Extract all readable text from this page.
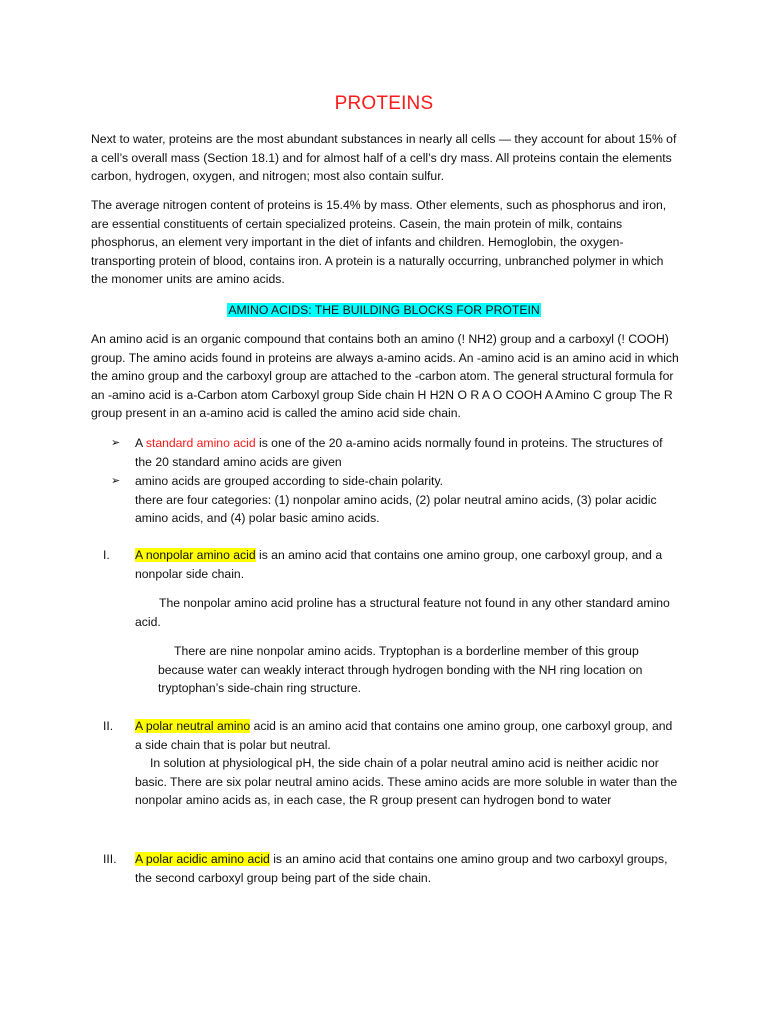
PROTEINS
Next to water, proteins are the most abundant substances in nearly all cells — they account for about 15% of a cell’s overall mass (Section 18.1) and for almost half of a cell’s dry mass. All proteins contain the elements carbon, hydrogen, oxygen, and nitrogen; most also contain sulfur.
The average nitrogen content of proteins is 15.4% by mass. Other elements, such as phosphorus and iron, are essential constituents of certain specialized proteins. Casein, the main protein of milk, contains phosphorus, an element very important in the diet of infants and children. Hemoglobin, the oxygen-transporting protein of blood, contains iron. A protein is a naturally occurring, unbranched polymer in which the monomer units are amino acids.
AMINO ACIDS: THE BUILDING BLOCKS FOR PROTEIN
An amino acid is an organic compound that contains both an amino (! NH2) group and a carboxyl (! COOH) group. The amino acids found in proteins are always a-amino acids. An -amino acid is an amino acid in which the amino group and the carboxyl group are attached to the -carbon atom. The general structural formula for an -amino acid is a-Carbon atom Carboxyl group Side chain H H2N O R A O COOH A Amino C group The R group present in an a-amino acid is called the amino acid side chain.
➢ A standard amino acid is one of the 20 a-amino acids normally found in proteins. The structures of the 20 standard amino acids are given
➢ amino acids are grouped according to side-chain polarity.
there are four categories: (1) nonpolar amino acids, (2) polar neutral amino acids, (3) polar acidic amino acids, and (4) polar basic amino acids.
I. A nonpolar amino acid is an amino acid that contains one amino group, one carboxyl group, and a nonpolar side chain.
The nonpolar amino acid proline has a structural feature not found in any other standard amino acid.
There are nine nonpolar amino acids. Tryptophan is a borderline member of this group because water can weakly interact through hydrogen bonding with the NH ring location on tryptophan’s side-chain ring structure.
II. A polar neutral amino acid is an amino acid that contains one amino group, one carboxyl group, and a side chain that is polar but neutral.
In solution at physiological pH, the side chain of a polar neutral amino acid is neither acidic nor basic. There are six polar neutral amino acids. These amino acids are more soluble in water than the nonpolar amino acids as, in each case, the R group present can hydrogen bond to water
III. A polar acidic amino acid is an amino acid that contains one amino group and two carboxyl groups, the second carboxyl group being part of the side chain.
